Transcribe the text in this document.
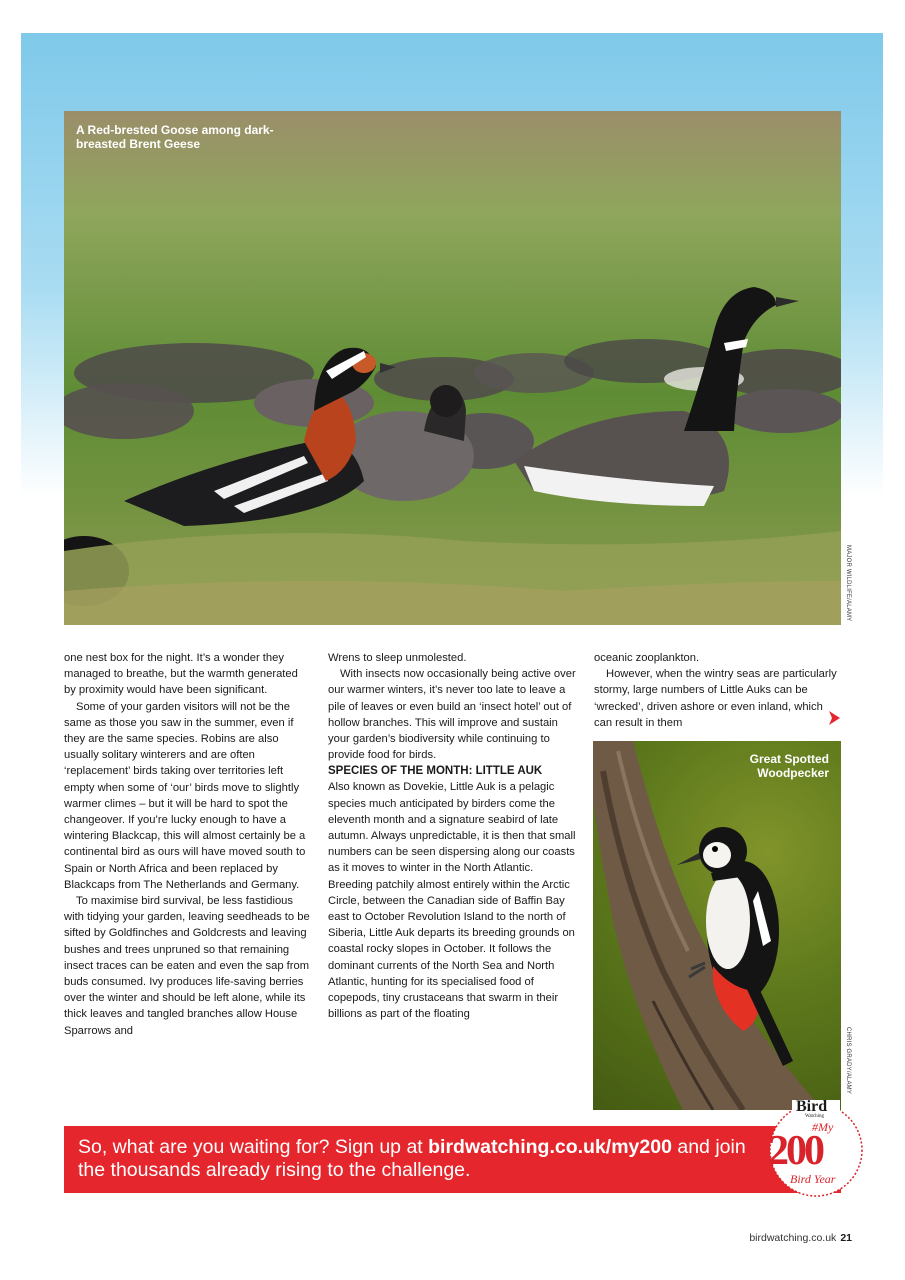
A Red-brested Goose among dark-breasted Brent Geese
MAJOR WILDLIFE/ALAMY

one nest box for the night. It’s a wonder they managed to breathe, but the warmth generated by proximity would have been significant.

Some of your garden visitors will not be the same as those you saw in the summer, even if they are the same species. Robins are also usually solitary winterers and are often ‘replacement’ birds taking over territories left empty when some of ‘our’ birds move to slightly warmer climes – but it will be hard to spot the changeover. If you’re lucky enough to have a wintering Blackcap, this will almost certainly be a continental bird as ours will have moved south to Spain or North Africa and been replaced by Blackcaps from The Netherlands and Germany.

To maximise bird survival, be less fastidious with tidying your garden, leaving seedheads to be sifted by Goldfinches and Goldcrests and leaving bushes and trees unpruned so that remaining insect traces can be eaten and even the sap from buds consumed. Ivy produces life-saving berries over the winter and should be left alone, while its thick leaves and tangled branches allow House Sparrows and

Wrens to sleep unmolested.

With insects now occasionally being active over our warmer winters, it’s never too late to leave a pile of leaves or even build an ‘insect hotel’ out of hollow branches. This will improve and sustain your garden’s biodiversity while continuing to provide food for birds.

SPECIES OF THE MONTH: LITTLE AUK

Also known as Dovekie, Little Auk is a pelagic species much anticipated by birders come the eleventh month and a signature seabird of late autumn. Always unpredictable, it is then that small numbers can be seen dispersing along our coasts as it moves to winter in the North Atlantic. Breeding patchily almost entirely within the Arctic Circle, between the Canadian side of Baffin Bay east to October Revolution Island to the north of Siberia, Little Auk departs its breeding grounds on coastal rocky slopes in October. It follows the dominant currents of the North Sea and North Atlantic, hunting for its specialised food of copepods, tiny crustaceans that swarm in their billions as part of the floating

oceanic zooplankton.

However, when the wintry seas are particularly stormy, large numbers of Little Auks can be ‘wrecked’, driven ashore or even inland, which can result in them

Great Spotted Woodpecker
CHRIS GRADY/ALAMY
So, what are you waiting for? Sign up at birdwatching.co.uk/my200 and join the thousands already rising to the challenge.
Bird
Watching
#My
200
Bird Year
birdwatching.co.uk 21
